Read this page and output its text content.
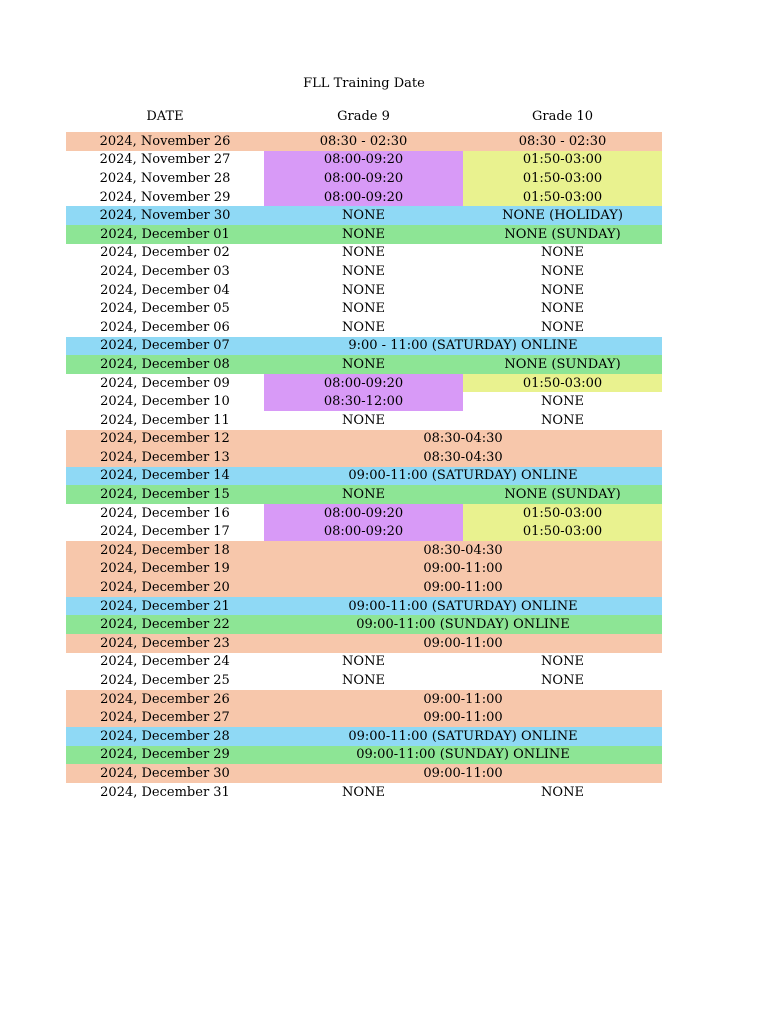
FLL Training Date
DATE	Grade 9	Grade 10
2024, November 26	08:30 - 02:30	08:30 - 02:30
2024, November 27	08:00-09:20	01:50-03:00
2024, November 28	08:00-09:20	01:50-03:00
2024, November 29	08:00-09:20	01:50-03:00
2024, November 30	NONE	NONE (HOLIDAY)
2024, December 01	NONE	NONE (SUNDAY)
2024, December 02	NONE	NONE
2024, December 03	NONE	NONE
2024, December 04	NONE	NONE
2024, December 05	NONE	NONE
2024, December 06	NONE	NONE
2024, December 07	9:00 - 11:00 (SATURDAY) ONLINE	
2024, December 08	NONE	NONE (SUNDAY)
2024, December 09	08:00-09:20	01:50-03:00
2024, December 10	08:30-12:00	NONE
2024, December 11	NONE	NONE
2024, December 12	08:30-04:30	
2024, December 13	08:30-04:30	
2024, December 14	09:00-11:00 (SATURDAY) ONLINE	
2024, December 15	NONE	NONE (SUNDAY)
2024, December 16	08:00-09:20	01:50-03:00
2024, December 17	08:00-09:20	01:50-03:00
2024, December 18	08:30-04:30	
2024, December 19	09:00-11:00	
2024, December 20	09:00-11:00	
2024, December 21	09:00-11:00 (SATURDAY) ONLINE	
2024, December 22	09:00-11:00 (SUNDAY) ONLINE	
2024, December 23	09:00-11:00	
2024, December 24	NONE	NONE
2024, December 25	NONE	NONE
2024, December 26	09:00-11:00	
2024, December 27	09:00-11:00	
2024, December 28	09:00-11:00 (SATURDAY) ONLINE	
2024, December 29	09:00-11:00 (SUNDAY) ONLINE	
2024, December 30	09:00-11:00	
2024, December 31	NONE	NONE
